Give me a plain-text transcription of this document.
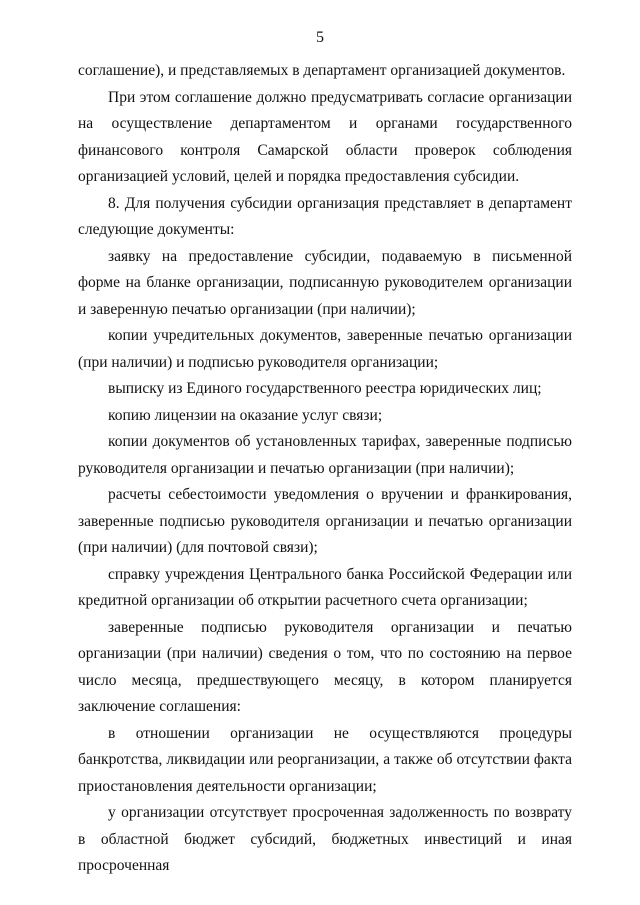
5

соглашение), и представляемых в департамент организацией документов.

При этом соглашение должно предусматривать согласие организации на осуществление департаментом и органами государственного финансового контроля Самарской области проверок соблюдения организацией условий, целей и порядка предоставления субсидии.

8. Для получения субсидии организация представляет в департамент следующие документы:

заявку на предоставление субсидии, подаваемую в письменной форме на бланке организации, подписанную руководителем организации и заверенную печатью организации (при наличии);

копии учредительных документов, заверенные печатью организации (при наличии) и подписью руководителя организации;

выписку из Единого государственного реестра юридических лиц;

копию лицензии на оказание услуг связи;

копии документов об установленных тарифах, заверенные подписью руководителя организации и печатью организации (при наличии);

расчеты себестоимости уведомления о вручении и франкирования, заверенные подписью руководителя организации и печатью организации (при наличии) (для почтовой связи);

справку учреждения Центрального банка Российской Федерации или кредитной организации об открытии расчетного счета организации;

заверенные подписью руководителя организации и печатью организации (при наличии) сведения о том, что по состоянию на первое число месяца, предшествующего месяцу, в котором планируется заключение соглашения:

в отношении организации не осуществляются процедуры банкротства, ликвидации или реорганизации, а также об отсутствии факта приостановления деятельности организации;

у организации отсутствует просроченная задолженность по возврату в областной бюджет субсидий, бюджетных инвестиций и иная просроченная
